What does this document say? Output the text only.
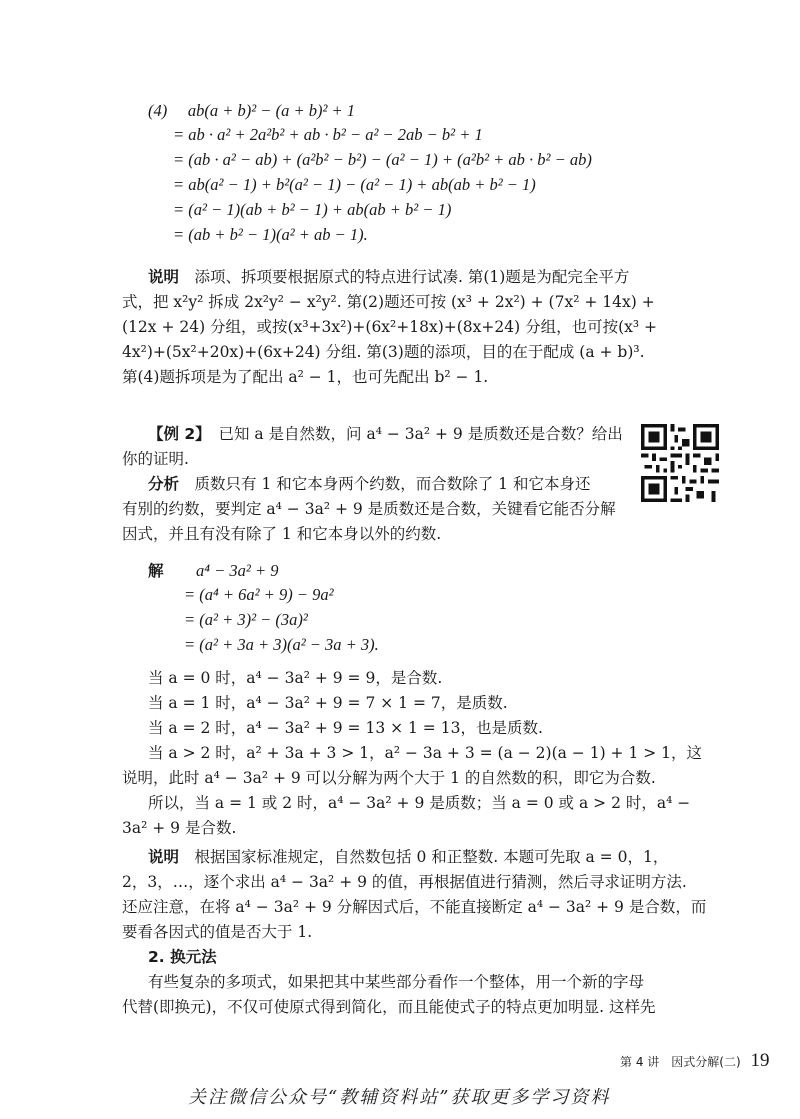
(4)　 ab(a + b)² − (a + b)² + 1
= ab · a² + 2a²b² + ab · b² − a² − 2ab − b² + 1
= (ab · a² − ab) + (a²b² − b²) − (a² − 1) + (a²b² + ab · b² − ab)
= ab(a² − 1) + b²(a² − 1) − (a² − 1) + ab(ab + b² − 1)
= (a² − 1)(ab + b² − 1) + ab(ab + b² − 1)
= (ab + b² − 1)(a² + ab − 1).
说明　添项、拆项要根据原式的特点进行试凑. 第(1)题是为配完全平方
式，把 x²y² 拆成 2x²y² − x²y². 第(2)题还可按 (x³ + 2x²) + (7x² + 14x) +
(12x + 24) 分组，或按(x³+3x²)+(6x²+18x)+(8x+24) 分组，也可按(x³ +
4x²)+(5x²+20x)+(6x+24) 分组. 第(3)题的添项，目的在于配成 (a + b)³.
第(4)题拆项是为了配出 a² − 1，也可先配出 b² − 1.
【例 2】　已知 a 是自然数，问 a⁴ − 3a² + 9 是质数还是合数？给出
你的证明.
分析　质数只有 1 和它本身两个约数，而合数除了 1 和它本身还
有别的约数，要判定 a⁴ − 3a² + 9 是质数还是合数，关键看它能否分解
因式，并且有没有除了 1 和它本身以外的约数.
解 a⁴ − 3a² + 9
= (a⁴ + 6a² + 9) − 9a²
= (a² + 3)² − (3a)²
= (a² + 3a + 3)(a² − 3a + 3).
当 a = 0 时，a⁴ − 3a² + 9 = 9，是合数.
当 a = 1 时，a⁴ − 3a² + 9 = 7 × 1 = 7，是质数.
当 a = 2 时，a⁴ − 3a² + 9 = 13 × 1 = 13，也是质数.
当 a > 2 时，a² + 3a + 3 > 1，a² − 3a + 3 = (a − 2)(a − 1) + 1 > 1，这
说明，此时 a⁴ − 3a² + 9 可以分解为两个大于 1 的自然数的积，即它为合数.
所以，当 a = 1 或 2 时，a⁴ − 3a² + 9 是质数；当 a = 0 或 a > 2 时，a⁴ −
3a² + 9 是合数.
说明　根据国家标准规定，自然数包括 0 和正整数. 本题可先取 a = 0，1，
2，3，…，逐个求出 a⁴ − 3a² + 9 的值，再根据值进行猜测，然后寻求证明方法.
还应注意，在将 a⁴ − 3a² + 9 分解因式后，不能直接断定 a⁴ − 3a² + 9 是合数，而
要看各因式的值是否大于 1.
2. 换元法
有些复杂的多项式，如果把其中某些部分看作一个整体，用一个新的字母
代替(即换元)，不仅可使原式得到简化，而且能使式子的特点更加明显. 这样先
第 4 讲　因式分解(二) 19
关注微信公众号“教辅资料站”获取更多学习资料
